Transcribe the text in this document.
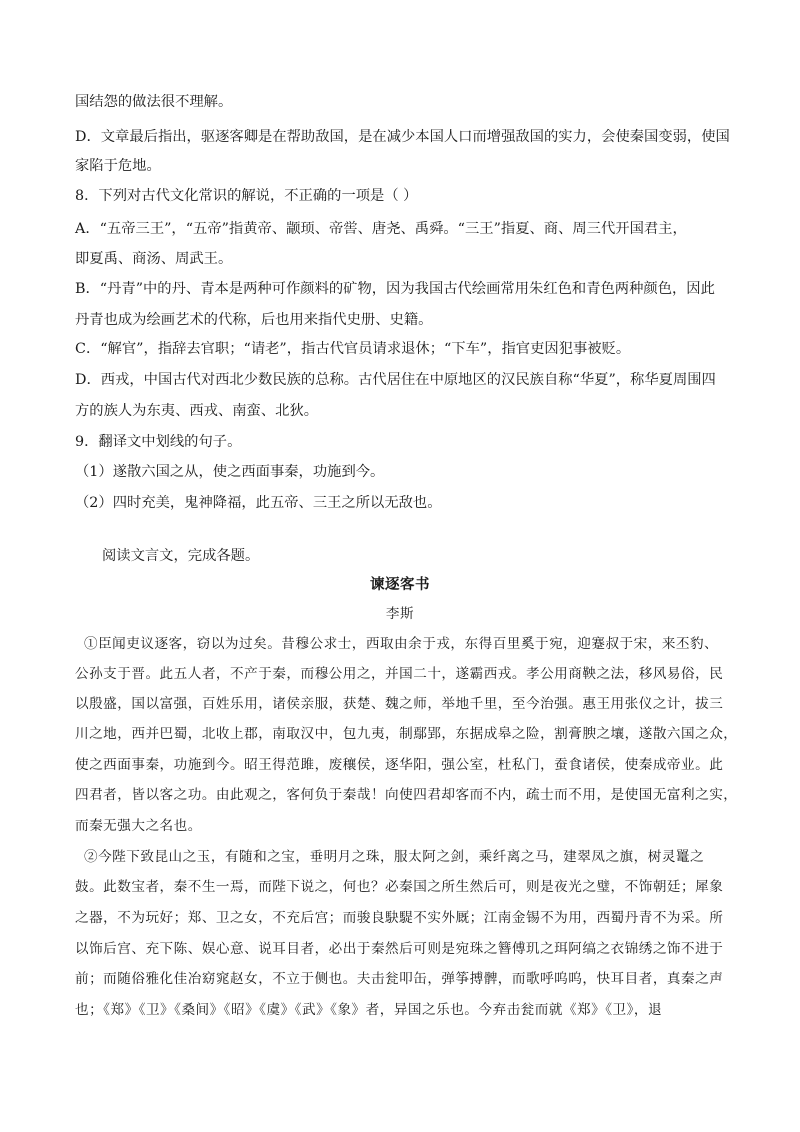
国结怨的做法很不理解。
D．文章最后指出，驱逐客卿是在帮助敌国，是在减少本国人口而增强敌国的实力，会使秦国变弱，使国
家陷于危地。
8．下列对古代文化常识的解说，不正确的一项是（ ）
A．“五帝三王”，“五帝”指黄帝、颛顼、帝喾、唐尧、禹舜。“三王”指夏、商、周三代开国君主，
即夏禹、商汤、周武王。
B．“丹青”中的丹、青本是两种可作颜料的矿物，因为我国古代绘画常用朱红色和青色两种颜色，因此
丹青也成为绘画艺术的代称，后也用来指代史册、史籍。
C．“解官”，指辞去官职；“请老”，指古代官员请求退休；“下车”，指官吏因犯事被贬。
D．西戎，中国古代对西北少数民族的总称。古代居住在中原地区的汉民族自称“华夏”，称华夏周围四
方的族人为东夷、西戎、南蛮、北狄。
9．翻译文中划线的句子。
（1）遂散六国之从，使之西面事秦，功施到今。
（2）四时充美，鬼神降福，此五帝、三王之所以无敌也。
阅读文言文，完成各题。
谏逐客书
李斯
①臣闻吏议逐客，窃以为过矣。昔穆公求士，西取由余于戎，东得百里奚于宛，迎蹇叔于宋，来丕豹、
公孙支于晋。此五人者，不产于秦，而穆公用之，并国二十，遂霸西戎。孝公用商鞅之法，移风易俗，民
以殷盛，国以富强，百姓乐用，诸侯亲服，获楚、魏之师，举地千里，至今治强。惠王用张仪之计，拔三
川之地，西并巴蜀，北收上郡，南取汉中，包九夷，制鄢郢，东据成皋之险，割膏腴之壤，遂散六国之众，
使之西面事秦，功施到今。昭王得范雎，废穰侯，逐华阳，强公室，杜私门，蚕食诸侯，使秦成帝业。此
四君者，皆以客之功。由此观之，客何负于秦哉！向使四君却客而不内，疏士而不用，是使国无富利之实，
而秦无强大之名也。
②今陛下致昆山之玉，有随和之宝，垂明月之珠，服太阿之剑，乘纤离之马，建翠凤之旗，树灵鼍之
鼓。此数宝者，秦不生一焉，而陛下说之，何也？必秦国之所生然后可，则是夜光之璧，不饰朝廷；犀象
之器，不为玩好；郑、卫之女，不充后宫；而骏良駃騠不实外厩；江南金锡不为用，西蜀丹青不为采。所
以饰后宫、充下陈、娱心意、说耳目者，必出于秦然后可则是宛珠之簪傅玑之珥阿缟之衣锦绣之饰不进于
前；而随俗雅化佳冶窈窕赵女，不立于侧也。夫击瓮叩缶，弹筝搏髀，而歌呼呜呜，快耳目者，真秦之声
也；《郑》《卫》《桑间》《昭》《虞》《武》《象》者，异国之乐也。今弃击瓮而就《郑》《卫》，退
